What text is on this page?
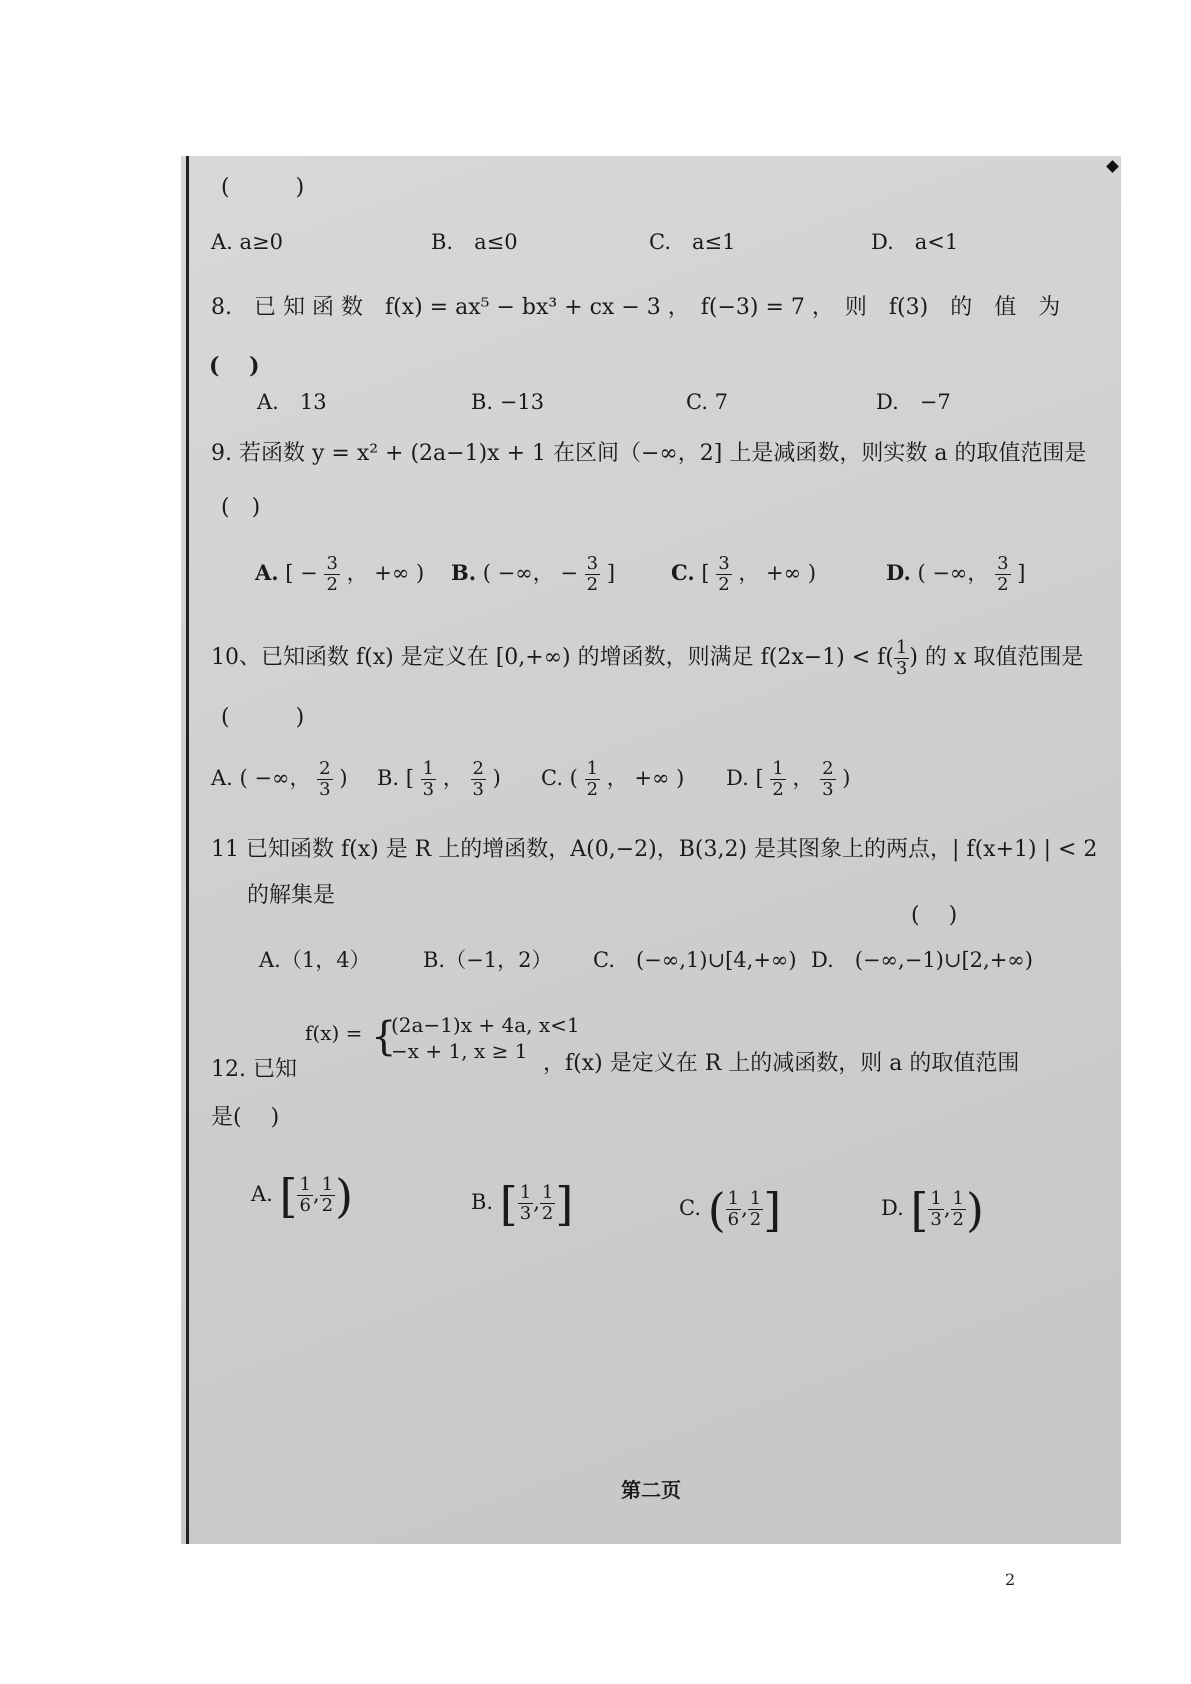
(　　　)
A. a≥0	B.　a≤0	C.　a≤1	D.　a<1
8.　已 知 函 数　f(x) = ax⁵ − bx³ + cx − 3 ，　f(−3) = 7 ，　则　f(3)　的　值　为
(　 )
A.　13	B. −13	C. 7	D.　−7
9. 若函数 y = x² + (2a−1)x + 1 在区间（−∞，2] 上是减函数，则实数 a 的取值范围是
(　)
A. [ − $\frac{3}{2}$ ， +∞ ) B. ( −∞， − $\frac{3}{2}$ ]	C. [ $\frac{3}{2}$ ， +∞ )	D. ( −∞， $\frac{3}{2}$ ]
10、已知函数 f(x) 是定义在 [0,+∞) 的增函数，则满足 $f(2x-1) < f( \frac{1}{3}$ ) 的 x 取值范围是
(　　　)
A. ( −∞， $\frac{2}{3}$ ) B. [ $\frac{1}{3}$ ， $\frac{2}{3}$ ) C. ( $\frac{1}{2}$ ， +∞ ) D. [ $\frac{1}{2}$ ， $\frac{2}{3}$ )
11 已知函数 f(x) 是 R 上的增函数，A(0,−2)，B(3,2) 是其图象上的两点，| f(x+1) | < 2
的解集是
(　 )
A.（1，4） B.（−1，2） C.　(−∞,1)∪[4,+∞) D.　(−∞,−1)∪[2,+∞)
12. 已知
f(x) = {
(2a−1)x + 4a, x<1
−x + 1, x ≥ 1 ，f(x) 是定义在 R 上的减函数，则 a 的取值范围
是(　 )
A. [ $\frac{1}{6}$ , $\frac{1}{2}$ )	B. [ $\frac{1}{3}$ , $\frac{1}{2}$ ]	C. ( $\frac{1}{6}$ , $\frac{1}{2}$ ]	D. [ $\frac{1}{3}$ , $\frac{1}{2}$ )
第二页
2
